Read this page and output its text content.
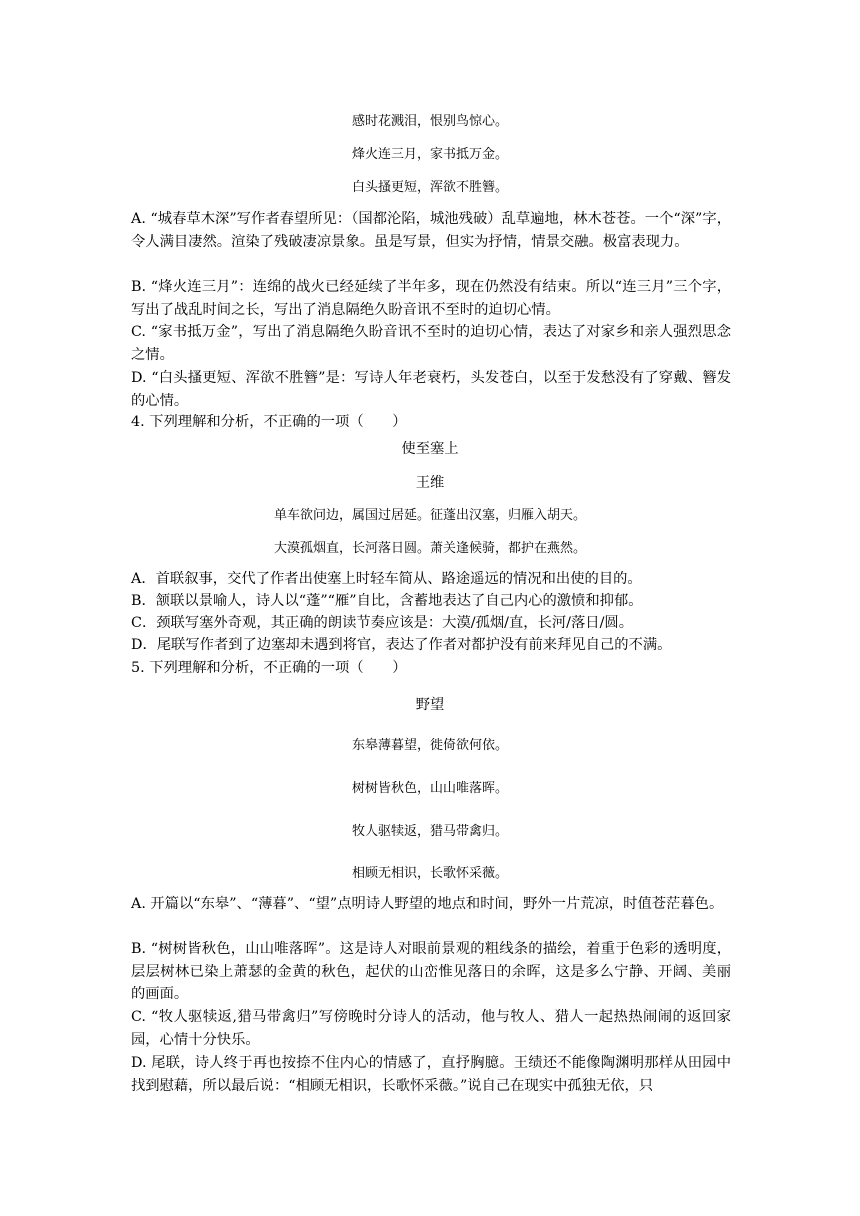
感时花溅泪，恨别鸟惊心。
烽火连三月，家书抵万金。
白头搔更短，浑欲不胜簪。
A. “城春草木深”写作者春望所见：（国都沦陷，城池残破）乱草遍地，林木苍苍。一个“深”字，令人满目凄然。渲染了残破凄凉景象。虽是写景，但实为抒情，情景交融。极富表现力。
B. “烽火连三月”：连绵的战火已经延续了半年多，现在仍然没有结束。所以“连三月”三个字，写出了战乱时间之长，写出了消息隔绝久盼音讯不至时的迫切心情。
C. “家书抵万金”，写出了消息隔绝久盼音讯不至时的迫切心情，表达了对家乡和亲人强烈思念之情。
D. “白头搔更短、浑欲不胜簪”是：写诗人年老衰朽，头发苍白，以至于发愁没有了穿戴、簪发的心情。
4. 下列理解和分析，不正确的一项（　　）
使至塞上
王维
单车欲问边，属国过居延。征蓬出汉塞，归雁入胡天。
大漠孤烟直，长河落日圆。萧关逢候骑，都护在燕然。
A．首联叙事，交代了作者出使塞上时轻车简从、路途遥远的情况和出使的目的。
B．颔联以景喻人，诗人以“蓬”“雁”自比，含蓄地表达了自己内心的激愤和抑郁。
C．颈联写塞外奇观，其正确的朗读节奏应该是：大漠/孤烟/直，长河/落日/圆。
D．尾联写作者到了边塞却未遇到将官，表达了作者对都护没有前来拜见自己的不满。
5. 下列理解和分析，不正确的一项（　　）
野望
东皋薄暮望，徙倚欲何依。
树树皆秋色，山山唯落晖。
牧人驱犊返，猎马带禽归。
相顾无相识，长歌怀采薇。
A. 开篇以“东皋”、“薄暮”、“望”点明诗人野望的地点和时间，野外一片荒凉，时值苍茫暮色。
B. “树树皆秋色，山山唯落晖”。这是诗人对眼前景观的粗线条的描绘，着重于色彩的透明度，层层树林已染上萧瑟的金黄的秋色，起伏的山峦惟见落日的余晖，这是多么宁静、开阔、美丽的画面。
C. “牧人驱犊返,猎马带禽归”写傍晚时分诗人的活动，他与牧人、猎人一起热热闹闹的返回家园，心情十分快乐。
D. 尾联，诗人终于再也按捺不住内心的情感了，直抒胸臆。王绩还不能像陶渊明那样从田园中找到慰藉，所以最后说：“相顾无相识，长歌怀采薇。”说自己在现实中孤独无依，只
